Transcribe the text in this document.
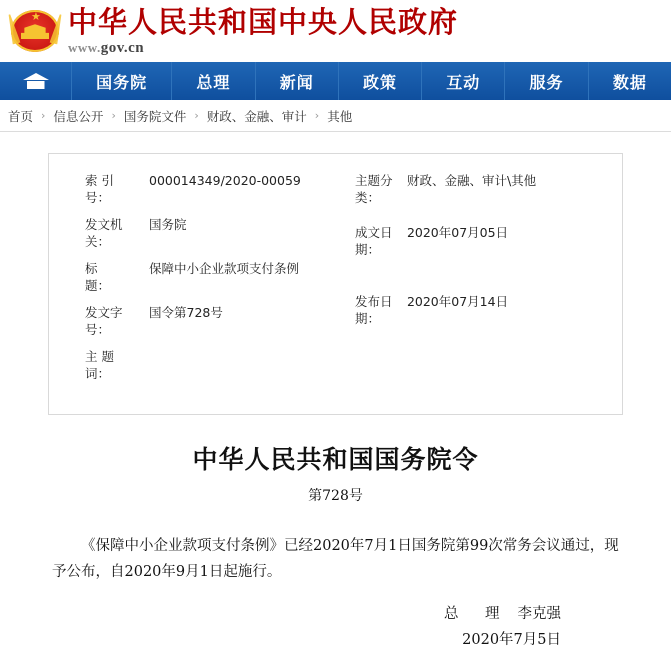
★ 中华人民共和国中央人民政府
www.gov.cn
国务院	总理	新闻	政策	互动	服务	数据
首页 › 信息公开 › 国务院文件 › 财政、金融、审计 › 其他
索 引
号：
000014349/2020-00059
发文机
关：
国务院
标
题：
保障中小企业款项支付条例
发文字
号：
国令第728号
主 题
词：
主题分
类：
财政、金融、审计\其他
成文日
期：
2020年07月05日
发布日
期：
2020年07月14日
中华人民共和国国务院令
第728号
《保障中小企业款项支付条例》已经2020年7月1日国务院第99次常务会议通过，现予公布，自2020年9月1日起施行。
总　理 李克强
2020年7月5日
